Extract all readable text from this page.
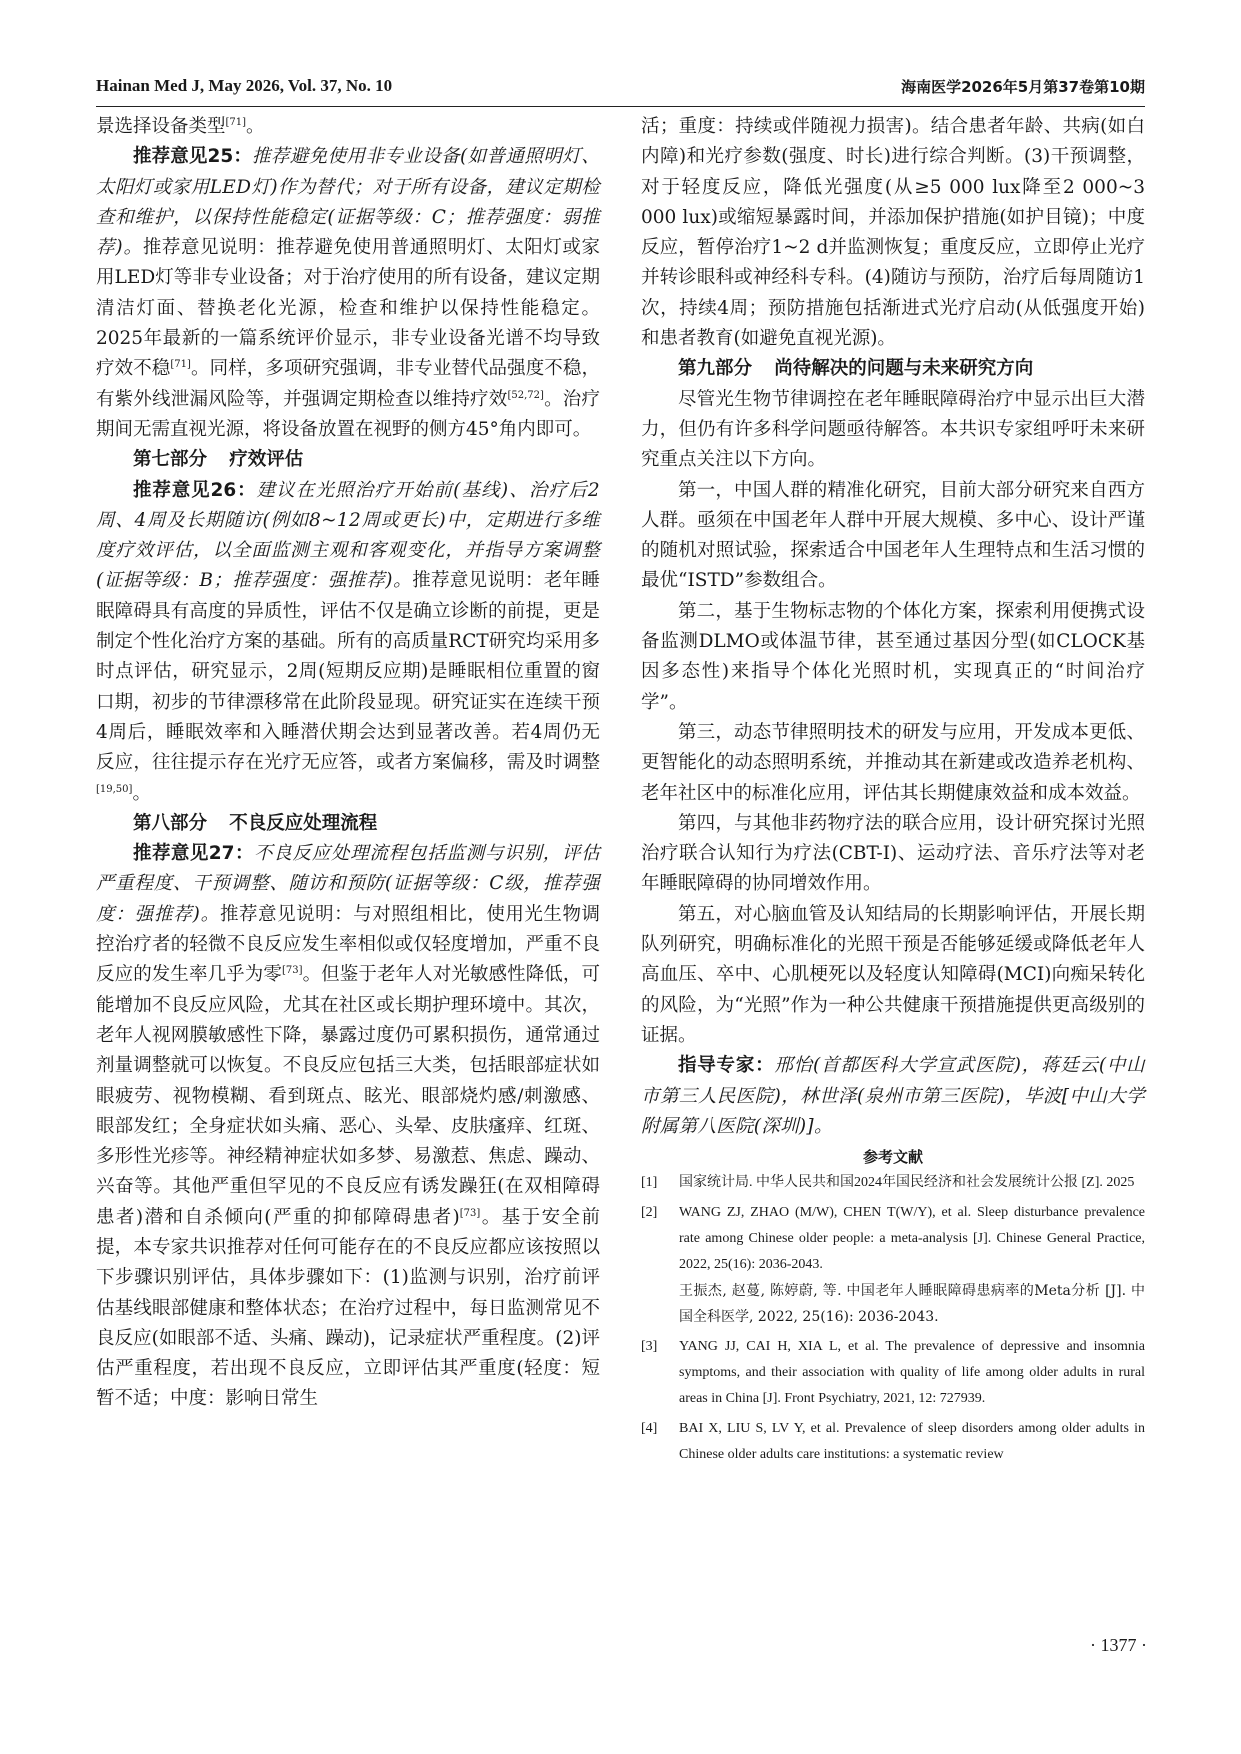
Hainan Med J, May 2026, Vol. 37, No. 10	海南医学2026年5月第37卷第10期

景选择设备类型[71]。

推荐意见25：推荐避免使用非专业设备(如普通照明灯、太阳灯或家用LED灯)作为替代；对于所有设备，建议定期检查和维护，以保持性能稳定(证据等级：C；推荐强度：弱推荐)。推荐意见说明：推荐避免使用普通照明灯、太阳灯或家用LED灯等非专业设备；对于治疗使用的所有设备，建议定期清洁灯面、替换老化光源，检查和维护以保持性能稳定。2025年最新的一篇系统评价显示，非专业设备光谱不均导致疗效不稳[71]。同样，多项研究强调，非专业替代品强度不稳，有紫外线泄漏风险等，并强调定期检查以维持疗效[52,72]。治疗期间无需直视光源，将设备放置在视野的侧方45°角内即可。

第七部分 疗效评估

推荐意见26：建议在光照治疗开始前(基线)、治疗后2周、4周及长期随访(例如8~12周或更长)中，定期进行多维度疗效评估，以全面监测主观和客观变化，并指导方案调整(证据等级：B；推荐强度：强推荐)。推荐意见说明：老年睡眠障碍具有高度的异质性，评估不仅是确立诊断的前提，更是制定个性化治疗方案的基础。所有的高质量RCT研究均采用多时点评估，研究显示，2周(短期反应期)是睡眠相位重置的窗口期，初步的节律漂移常在此阶段显现。研究证实在连续干预4周后，睡眠效率和入睡潜伏期会达到显著改善。若4周仍无反应，往往提示存在光疗无应答，或者方案偏移，需及时调整[19,50]。

第八部分 不良反应处理流程

推荐意见27：不良反应处理流程包括监测与识别，评估严重程度、干预调整、随访和预防(证据等级：C级，推荐强度：强推荐)。推荐意见说明：与对照组相比，使用光生物调控治疗者的轻微不良反应发生率相似或仅轻度增加，严重不良反应的发生率几乎为零[73]。但鉴于老年人对光敏感性降低，可能增加不良反应风险，尤其在社区或长期护理环境中。其次，老年人视网膜敏感性下降，暴露过度仍可累积损伤，通常通过剂量调整就可以恢复。不良反应包括三大类，包括眼部症状如眼疲劳、视物模糊、看到斑点、眩光、眼部烧灼感/刺激感、眼部发红；全身症状如头痛、恶心、头晕、皮肤瘙痒、红斑、多形性光疹等。神经精神症状如多梦、易激惹、焦虑、躁动、兴奋等。其他严重但罕见的不良反应有诱发躁狂(在双相障碍患者)潜和自杀倾向(严重的抑郁障碍患者)[73]。基于安全前提，本专家共识推荐对任何可能存在的不良反应都应该按照以下步骤识别评估，具体步骤如下：(1)监测与识别，治疗前评估基线眼部健康和整体状态；在治疗过程中，每日监测常见不良反应(如眼部不适、头痛、躁动)，记录症状严重程度。(2)评估严重程度，若出现不良反应，立即评估其严重度(轻度：短暂不适；中度：影响日常生

活；重度：持续或伴随视力损害)。结合患者年龄、共病(如白内障)和光疗参数(强度、时长)进行综合判断。(3)干预调整，对于轻度反应，降低光强度(从≥5 000 lux降至2 000~3 000 lux)或缩短暴露时间，并添加保护措施(如护目镜)；中度反应，暂停治疗1~2 d并监测恢复；重度反应，立即停止光疗并转诊眼科或神经科专科。(4)随访与预防，治疗后每周随访1次，持续4周；预防措施包括渐进式光疗启动(从低强度开始)和患者教育(如避免直视光源)。

第九部分 尚待解决的问题与未来研究方向

尽管光生物节律调控在老年睡眠障碍治疗中显示出巨大潜力，但仍有许多科学问题亟待解答。本共识专家组呼吁未来研究重点关注以下方向。

第一，中国人群的精准化研究，目前大部分研究来自西方人群。亟须在中国老年人群中开展大规模、多中心、设计严谨的随机对照试验，探索适合中国老年人生理特点和生活习惯的最优“ISTD”参数组合。

第二，基于生物标志物的个体化方案，探索利用便携式设备监测DLMO或体温节律，甚至通过基因分型(如CLOCK基因多态性)来指导个体化光照时机，实现真正的“时间治疗学”。

第三，动态节律照明技术的研发与应用，开发成本更低、更智能化的动态照明系统，并推动其在新建或改造养老机构、老年社区中的标准化应用，评估其长期健康效益和成本效益。

第四，与其他非药物疗法的联合应用，设计研究探讨光照治疗联合认知行为疗法(CBT-I)、运动疗法、音乐疗法等对老年睡眠障碍的协同增效作用。

第五，对心脑血管及认知结局的长期影响评估，开展长期队列研究，明确标准化的光照干预是否能够延缓或降低老年人高血压、卒中、心肌梗死以及轻度认知障碍(MCI)向痴呆转化的风险，为“光照”作为一种公共健康干预措施提供更高级别的证据。

指导专家：邢怡(首都医科大学宣武医院)，蒋廷云(中山市第三人民医院)，林世泽(泉州市第三医院)，毕波[中山大学附属第八医院(深圳)]。

参考文献
[1] 国家统计局. 中华人民共和国2024年国民经济和社会发展统计公报 [Z]. 2025
[2] WANG ZJ, ZHAO (M/W), CHEN T(W/Y), et al. Sleep disturbance prevalence rate among Chinese older people: a meta-analysis [J]. Chinese General Practice, 2022, 25(16): 2036-2043.
王振杰, 赵蔓, 陈婷蔚, 等. 中国老年人睡眠障碍患病率的Meta分析 [J]. 中国全科医学, 2022, 25(16): 2036-2043.
[3] YANG JJ, CAI H, XIA L, et al. The prevalence of depressive and insomnia symptoms, and their association with quality of life among older adults in rural areas in China [J]. Front Psychiatry, 2021, 12: 727939.
[4] BAI X, LIU S, LV Y, et al. Prevalence of sleep disorders among older adults in Chinese older adults care institutions: a systematic review
· 1377 ·
